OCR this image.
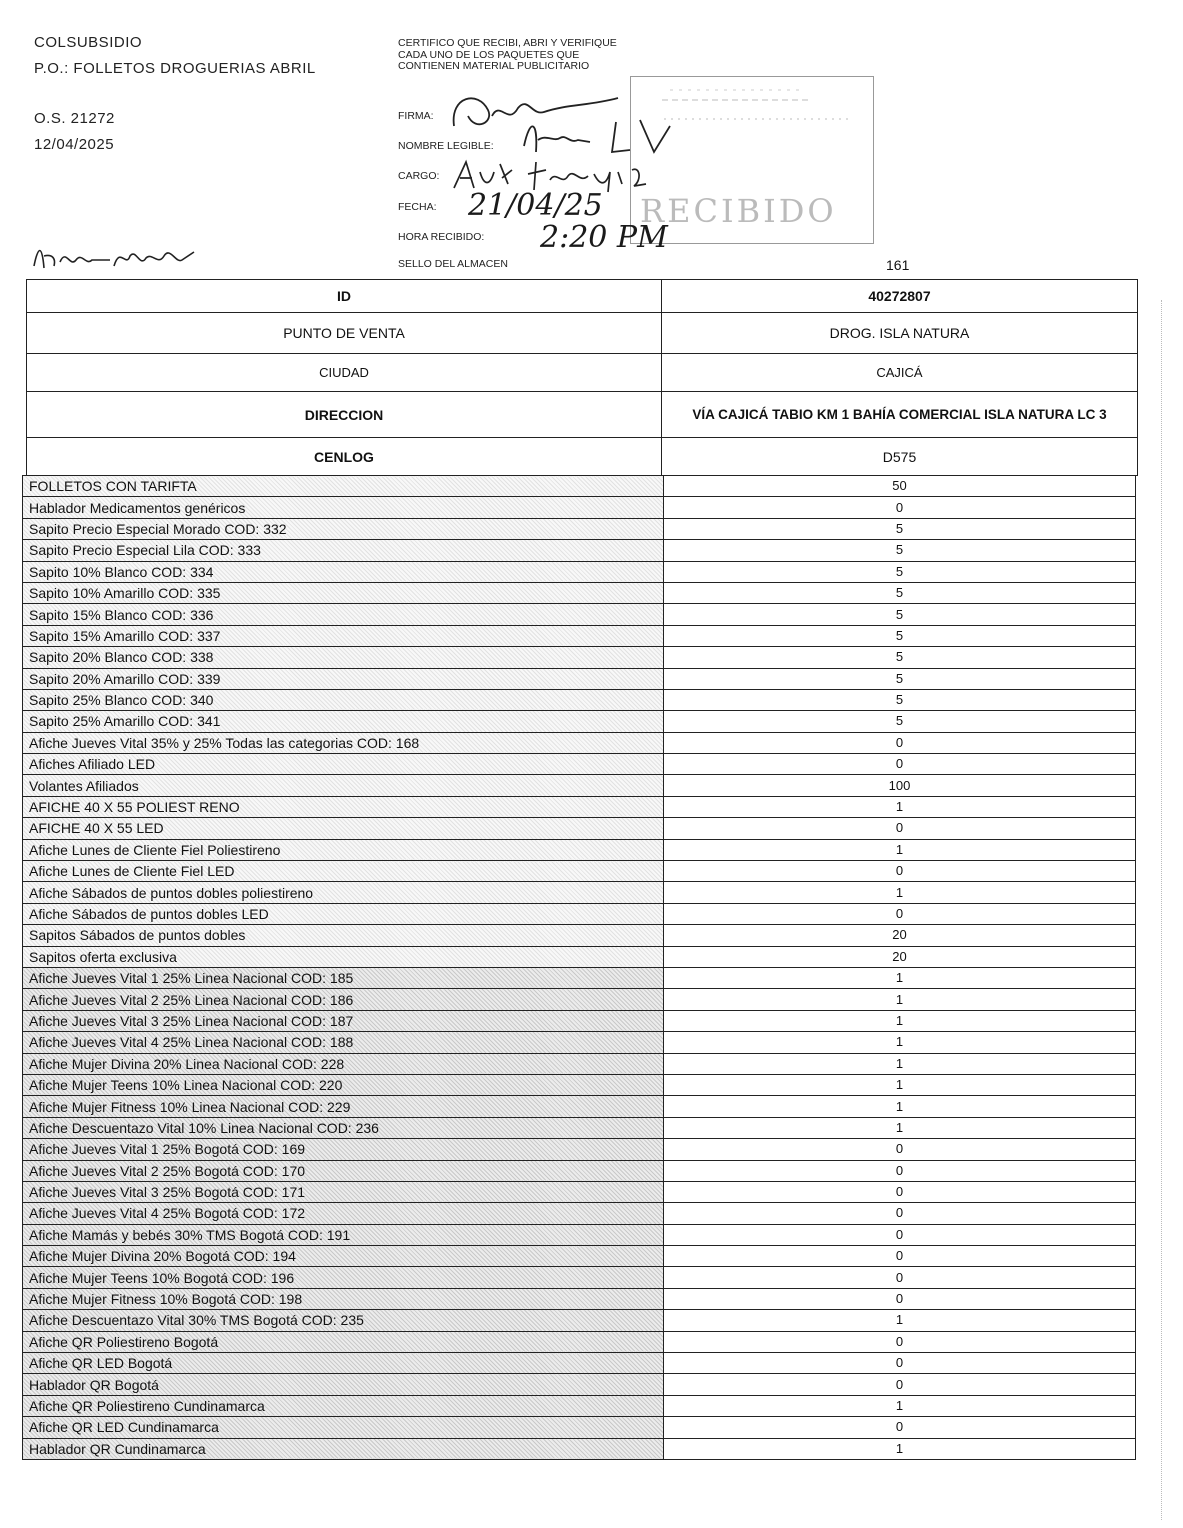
COLSUBSIDIO
P.O.: FOLLETOS DROGUERIAS ABRIL
O.S. 21272
12/04/2025
CERTIFICO QUE RECIBI, ABRI Y VERIFIQUE CADA UNO DE LOS PAQUETES QUE CONTIENEN MATERIAL PUBLICITARIO
FIRMA:
NOMBRE LEGIBLE:
CARGO:
FECHA:
HORA RECIBIDO:
SELLO DEL ALMACEN
RECIBIDO
21/04/25
2:20 PM
161
ID	40272807
PUNTO DE VENTA	DROG. ISLA NATURA
CIUDAD	CAJICÁ
DIRECCION	VÍA CAJICÁ TABIO KM 1 BAHÍA COMERCIAL ISLA NATURA LC 3
CENLOG	D575
FOLLETOS CON TARIFTA	50
Hablador Medicamentos genéricos	0
Sapito Precio Especial Morado COD: 332	5
Sapito Precio Especial Lila COD: 333	5
Sapito 10% Blanco COD: 334	5
Sapito 10% Amarillo COD: 335	5
Sapito 15% Blanco COD: 336	5
Sapito 15% Amarillo COD: 337	5
Sapito 20% Blanco COD: 338	5
Sapito 20% Amarillo COD: 339	5
Sapito 25% Blanco COD: 340	5
Sapito 25% Amarillo COD: 341	5
Afiche Jueves Vital 35% y 25% Todas las categorias COD: 168	0
Afiches Afiliado LED	0
Volantes Afiliados	100
AFICHE 40 X 55 POLIEST RENO	1
AFICHE 40 X 55 LED	0
Afiche Lunes de Cliente Fiel Poliestireno	1
Afiche Lunes de Cliente Fiel LED	0
Afiche Sábados de puntos dobles poliestireno	1
Afiche Sábados de puntos dobles LED	0
Sapitos Sábados de puntos dobles	20
Sapitos oferta exclusiva	20
Afiche Jueves Vital 1 25% Linea Nacional COD: 185	1
Afiche Jueves Vital 2 25% Linea Nacional COD: 186	1
Afiche Jueves Vital 3 25% Linea Nacional COD: 187	1
Afiche Jueves Vital 4 25% Linea Nacional COD: 188	1
Afiche Mujer Divina 20% Linea Nacional COD: 228	1
Afiche Mujer Teens 10% Linea Nacional COD: 220	1
Afiche Mujer Fitness 10% Linea Nacional COD: 229	1
Afiche Descuentazo Vital 10% Linea Nacional COD: 236	1
Afiche Jueves Vital 1 25% Bogotá COD: 169	0
Afiche Jueves Vital 2 25% Bogotá COD: 170	0
Afiche Jueves Vital 3 25% Bogotá COD: 171	0
Afiche Jueves Vital 4 25% Bogotá COD: 172	0
Afiche Mamás y bebés 30% TMS Bogotá COD: 191	0
Afiche Mujer Divina 20% Bogotá COD: 194	0
Afiche Mujer Teens 10% Bogotá COD: 196	0
Afiche Mujer Fitness 10% Bogotá COD: 198	0
Afiche Descuentazo Vital 30% TMS Bogotá COD: 235	1
Afiche QR Poliestireno Bogotá	0
Afiche QR LED Bogotá	0
Hablador QR Bogotá	0
Afiche QR Poliestireno Cundinamarca	1
Afiche QR LED Cundinamarca	0
Hablador QR Cundinamarca	1
